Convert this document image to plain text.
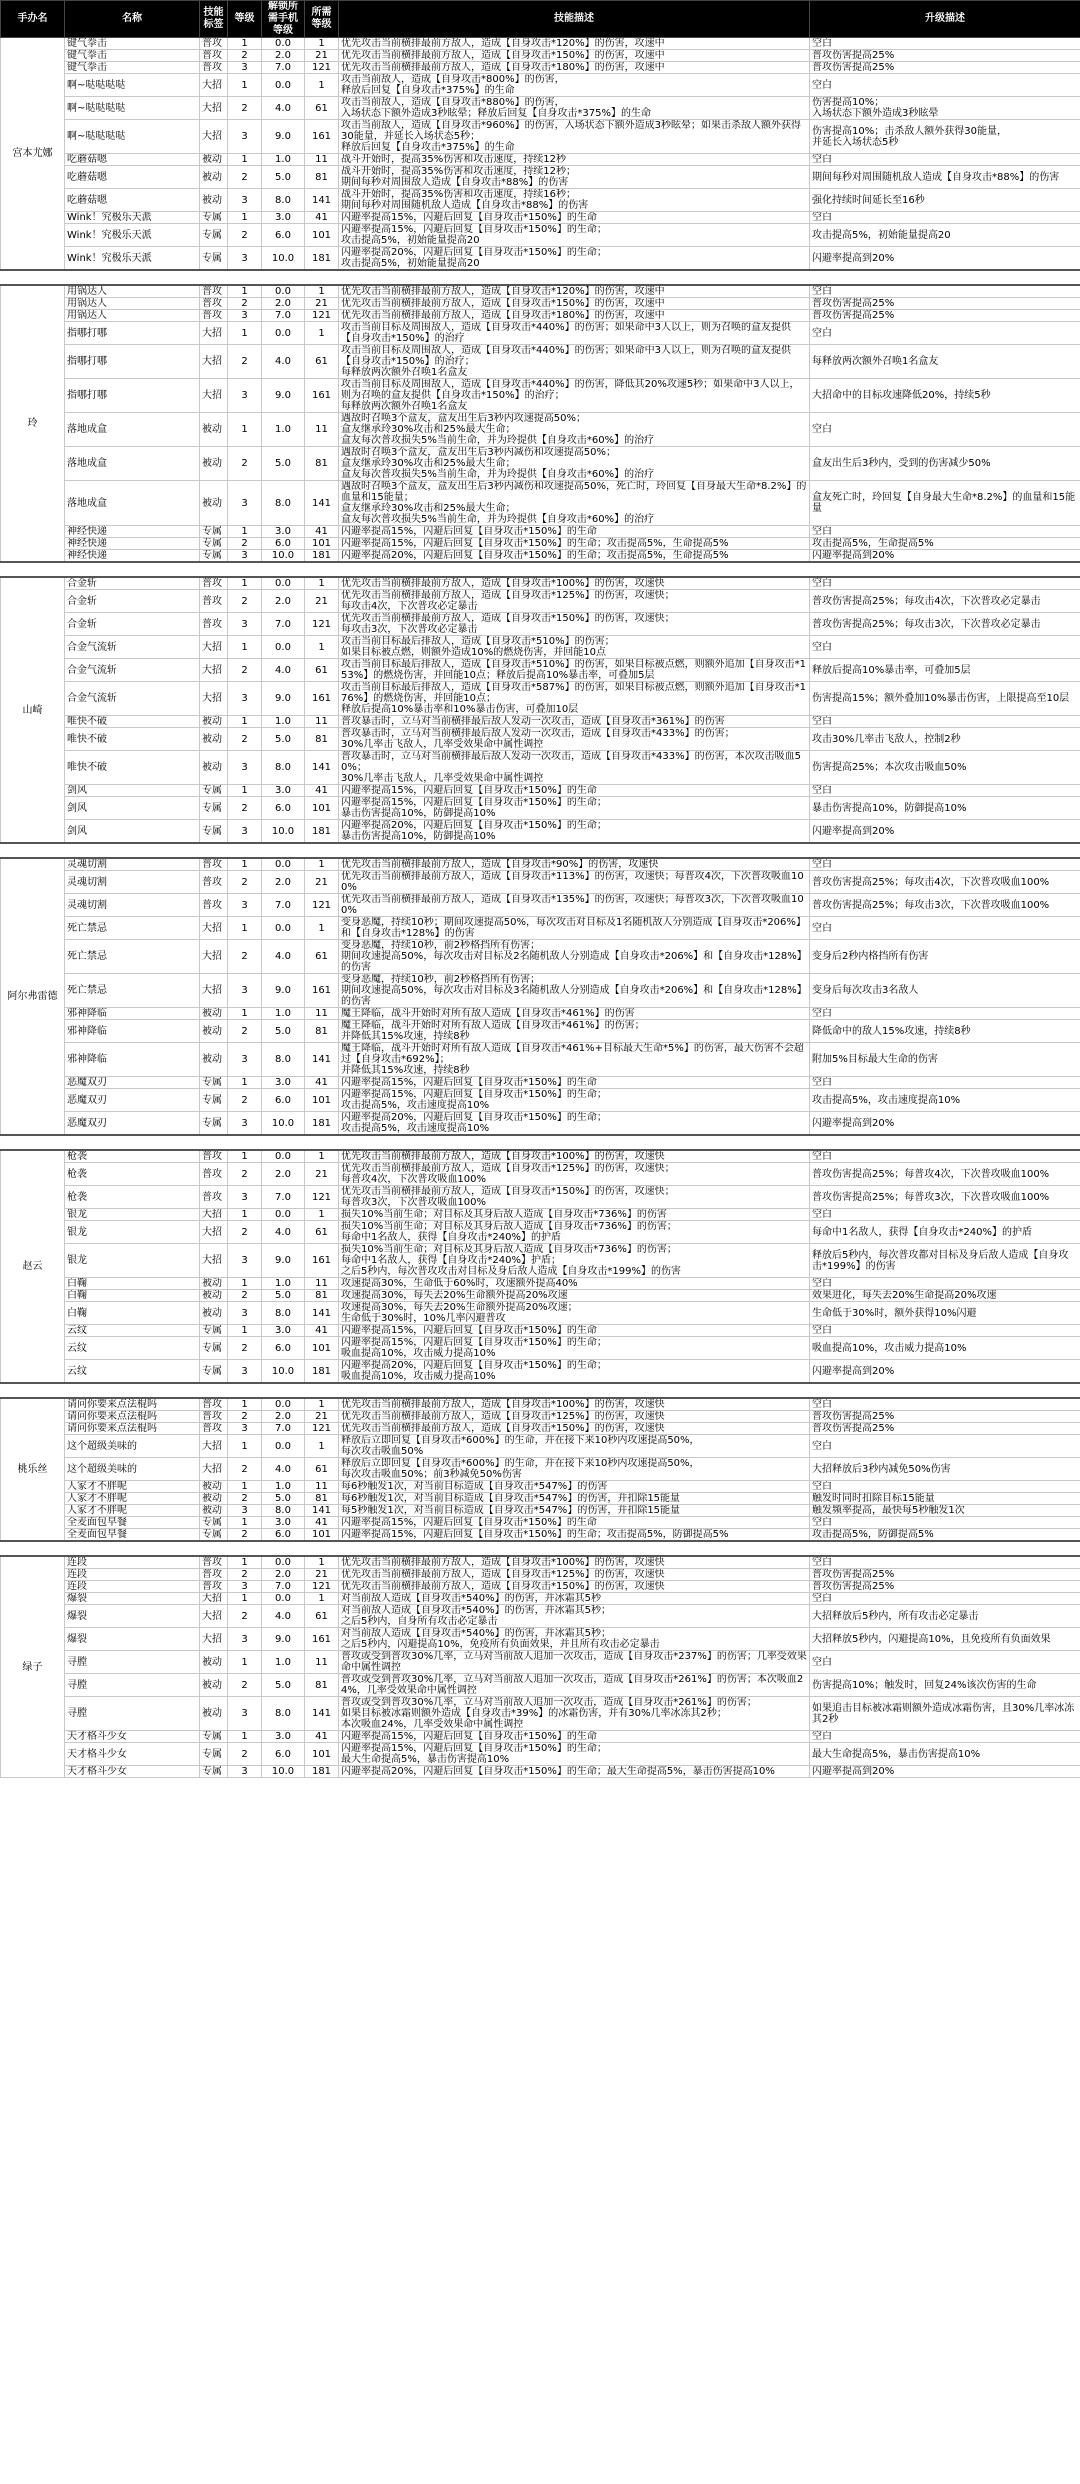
手办名	名称	技能标签	等级	解锁所需手机等级	所需等级	技能描述	升级描述
宫本尤娜	键气拳击	普攻	1	0.0	1	优先攻击当前横排最前方敌人，造成【自身攻击*120%】的伤害，攻速中	空白
	键气拳击	普攻	2	2.0	21	优先攻击当前横排最前方敌人，造成【自身攻击*150%】的伤害，攻速中	普攻伤害提高25%
	键气拳击	普攻	3	7.0	121	优先攻击当前横排最前方敌人，造成【自身攻击*180%】的伤害，攻速中	普攻伤害提高25%
	啊~哒哒哒哒	大招	1	0.0	1	攻击当前敌人，造成【自身攻击*800%】的伤害，
释放后回复【自身攻击*375%】的生命	空白
	啊~哒哒哒哒	大招	2	4.0	61	攻击当前敌人，造成【自身攻击*880%】的伤害，
入场状态下额外造成3秒眩晕；释放后回复【自身攻击*375%】的生命	伤害提高10%；
入场状态下额外造成3秒眩晕
	啊~哒哒哒哒	大招	3	9.0	161	攻击当前敌人，造成【自身攻击*960%】的伤害，入场状态下额外造成3秒眩晕；如果击杀敌人额外获得30能量，并延长入场状态5秒；
释放后回复【自身攻击*375%】的生命	伤害提高10%；击杀敌人额外获得30能量，
并延长入场状态5秒
	吃蘑菇嗯	被动	1	1.0	11	战斗开始时，提高35%伤害和攻击速度，持续12秒	空白
	吃蘑菇嗯	被动	2	5.0	81	战斗开始时，提高35%伤害和攻击速度，持续12秒；
期间每秒对周围敌人造成【自身攻击*88%】的伤害	期间每秒对周围随机敌人造成【自身攻击*88%】的伤害
	吃蘑菇嗯	被动	3	8.0	141	战斗开始时，提高35%伤害和攻击速度，持续16秒；
期间每秒对周围随机敌人造成【自身攻击*88%】的伤害	强化持续时间延长至16秒
	Wink！究极乐天派	专属	1	3.0	41	闪避率提高15%，闪避后回复【自身攻击*150%】的生命	空白
	Wink！究极乐天派	专属	2	6.0	101	闪避率提高15%，闪避后回复【自身攻击*150%】的生命；
攻击提高5%，初始能量提高20	攻击提高5%，初始能量提高20
	Wink！究极乐天派	专属	3	10.0	181	闪避率提高20%，闪避后回复【自身攻击*150%】的生命；
攻击提高5%，初始能量提高20	闪避率提高到20%

玲	用锅达人	普攻	1	0.0	1	优先攻击当前横排最前方敌人，造成【自身攻击*120%】的伤害，攻速中	空白
	用锅达人	普攻	2	2.0	21	优先攻击当前横排最前方敌人，造成【自身攻击*150%】的伤害，攻速中	普攻伤害提高25%
	用锅达人	普攻	3	7.0	121	优先攻击当前横排最前方敌人，造成【自身攻击*180%】的伤害，攻速中	普攻伤害提高25%
	指哪打哪	大招	1	0.0	1	攻击当前目标及周围敌人，造成【自身攻击*440%】的伤害；如果命中3人以上，则为召唤的盒友提供【自身攻击*150%】的治疗	空白
	指哪打哪	大招	2	4.0	61	攻击当前目标及周围敌人，造成【自身攻击*440%】的伤害；如果命中3人以上，则为召唤的盒友提供【自身攻击*150%】的治疗；
每释放两次额外召唤1名盒友	每释放两次额外召唤1名盒友
	指哪打哪	大招	3	9.0	161	攻击当前目标及周围敌人，造成【自身攻击*440%】的伤害，降低其20%攻速5秒；如果命中3人以上，则为召唤的盒友提供【自身攻击*150%】的治疗；
每释放两次额外召唤1名盒友	大招命中的目标攻速降低20%，持续5秒
	落地成盒	被动	1	1.0	11	遇敌时召唤3个盒友，盒友出生后3秒内攻速提高50%；
盒友继承玲30%攻击和25%最大生命；
盒友每次普攻损失5%当前生命，并为玲提供【自身攻击*60%】的治疗	空白
	落地成盒	被动	2	5.0	81	遇敌时召唤3个盒友，盒友出生后3秒内减伤和攻速提高50%；
盒友继承玲30%攻击和25%最大生命；
盒友每次普攻损失5%当前生命，并为玲提供【自身攻击*60%】的治疗	盒友出生后3秒内，受到的伤害减少50%
	落地成盒	被动	3	8.0	141	遇敌时召唤3个盒友，盒友出生后3秒内减伤和攻速提高50%，死亡时，玲回复【自身最大生命*8.2%】的血量和15能量；
盒友继承玲30%攻击和25%最大生命；
盒友每次普攻损失5%当前生命，并为玲提供【自身攻击*60%】的治疗	盒友死亡时，玲回复【自身最大生命*8.2%】的血量和15能量
	神经快递	专属	1	3.0	41	闪避率提高15%，闪避后回复【自身攻击*150%】的生命	空白
	神经快递	专属	2	6.0	101	闪避率提高15%，闪避后回复【自身攻击*150%】的生命；攻击提高5%，生命提高5%	攻击提高5%，生命提高5%
	神经快递	专属	3	10.0	181	闪避率提高20%，闪避后回复【自身攻击*150%】的生命；攻击提高5%，生命提高5%	闪避率提高到20%

山崎	合金斩	普攻	1	0.0	1	优先攻击当前横排最前方敌人，造成【自身攻击*100%】的伤害，攻速快	空白
	合金斩	普攻	2	2.0	21	优先攻击当前横排最前方敌人，造成【自身攻击*125%】的伤害，攻速快；
每攻击4次，下次普攻必定暴击	普攻伤害提高25%；每攻击4次，下次普攻必定暴击
	合金斩	普攻	3	7.0	121	优先攻击当前横排最前方敌人，造成【自身攻击*150%】的伤害，攻速快；
每攻击3次，下次普攻必定暴击	普攻伤害提高25%；每攻击3次，下次普攻必定暴击
	合金气流斩	大招	1	0.0	1	攻击当前目标最后排敌人，造成【自身攻击*510%】的伤害；
如果目标被点燃，则额外造成10%的燃烧伤害，并回能10点	空白
	合金气流斩	大招	2	4.0	61	攻击当前目标最后排敌人，造成【自身攻击*510%】的伤害，如果目标被点燃，则额外追加【自身攻击*153%】的燃烧伤害，并回能10点；释放后提高10%暴击率，可叠加5层	释放后提高10%暴击率，可叠加5层
	合金气流斩	大招	3	9.0	161	攻击当前目标最后排敌人，造成【自身攻击*587%】的伤害，如果目标被点燃，则额外追加【自身攻击*176%】的燃烧伤害，并回能10点；
释放后提高10%暴击率和10%暴击伤害，可叠加10层	伤害提高15%；额外叠加10%暴击伤害，上限提高至10层
	唯快不破	被动	1	1.0	11	普攻暴击时，立马对当前横排最后敌人发动一次攻击，造成【自身攻击*361%】的伤害	空白
	唯快不破	被动	2	5.0	81	普攻暴击时，立马对当前横排最后敌人发动一次攻击，造成【自身攻击*433%】的伤害；
30%几率击飞敌人，几率受效果命中属性调控	攻击30%几率击飞敌人，控制2秒
	唯快不破	被动	3	8.0	141	普攻暴击时，立马对当前横排最后敌人发动一次攻击，造成【自身攻击*433%】的伤害，本次攻击吸血50%；
30%几率击飞敌人，几率受效果命中属性调控	伤害提高25%；本次攻击吸血50%
	剑风	专属	1	3.0	41	闪避率提高15%，闪避后回复【自身攻击*150%】的生命	空白
	剑风	专属	2	6.0	101	闪避率提高15%，闪避后回复【自身攻击*150%】的生命；
暴击伤害提高10%，防御提高10%	暴击伤害提高10%，防御提高10%
	剑风	专属	3	10.0	181	闪避率提高20%，闪避后回复【自身攻击*150%】的生命；
暴击伤害提高10%，防御提高10%	闪避率提高到20%

阿尔弗雷德	灵魂切割	普攻	1	0.0	1	优先攻击当前横排最前方敌人，造成【自身攻击*90%】的伤害，攻速快	空白
	灵魂切割	普攻	2	2.0	21	优先攻击当前横排最前方敌人，造成【自身攻击*113%】的伤害，攻速快；每普攻4次，下次普攻吸血100%	普攻伤害提高25%；每攻击4次，下次普攻吸血100%
	灵魂切割	普攻	3	7.0	121	优先攻击当前横排最前方敌人，造成【自身攻击*135%】的伤害，攻速快；每普攻3次，下次普攻吸血100%	普攻伤害提高25%；每攻击3次，下次普攻吸血100%
	死亡禁忌	大招	1	0.0	1	变身恶魔，持续10秒；期间攻速提高50%，每次攻击对目标及1名随机敌人分别造成【自身攻击*206%】和【自身攻击*128%】的伤害	空白
	死亡禁忌	大招	2	4.0	61	变身恶魔，持续10秒，前2秒格挡所有伤害；
期间攻速提高50%，每次攻击对目标及2名随机敌人分别造成【自身攻击*206%】和【自身攻击*128%】的伤害	变身后2秒内格挡所有伤害
	死亡禁忌	大招	3	9.0	161	变身恶魔，持续10秒，前2秒格挡所有伤害；
期间攻速提高50%，每次攻击对目标及3名随机敌人分别造成【自身攻击*206%】和【自身攻击*128%】的伤害	变身后每次攻击3名敌人
	邪神降临	被动	1	1.0	11	魔王降临，战斗开始时对所有敌人造成【自身攻击*461%】的伤害	空白
	邪神降临	被动	2	5.0	81	魔王降临，战斗开始时对所有敌人造成【自身攻击*461%】的伤害；
并降低其15%攻速，持续8秒	降低命中的敌人15%攻速，持续8秒
	邪神降临	被动	3	8.0	141	魔王降临，战斗开始时对所有敌人造成【自身攻击*461%+目标最大生命*5%】的伤害，最大伤害不会超过【自身攻击*692%】；
并降低其15%攻速，持续8秒	附加5%目标最大生命的伤害
	恶魔双刃	专属	1	3.0	41	闪避率提高15%，闪避后回复【自身攻击*150%】的生命	空白
	恶魔双刃	专属	2	6.0	101	闪避率提高15%，闪避后回复【自身攻击*150%】的生命；
攻击提高5%，攻击速度提高10%	攻击提高5%，攻击速度提高10%
	恶魔双刃	专属	3	10.0	181	闪避率提高20%，闪避后回复【自身攻击*150%】的生命；
攻击提高5%，攻击速度提高10%	闪避率提高到20%

赵云	枪袭	普攻	1	0.0	1	优先攻击当前横排最前方敌人，造成【自身攻击*100%】的伤害，攻速快	空白
	枪袭	普攻	2	2.0	21	优先攻击当前横排最前方敌人，造成【自身攻击*125%】的伤害，攻速快；
每普攻4次，下次普攻吸血100%	普攻伤害提高25%；每普攻4次，下次普攻吸血100%
	枪袭	普攻	3	7.0	121	优先攻击当前横排最前方敌人，造成【自身攻击*150%】的伤害，攻速快；
每普攻3次，下次普攻吸血100%	普攻伤害提高25%；每普攻3次，下次普攻吸血100%
	银龙	大招	1	0.0	1	损失10%当前生命；对目标及其身后敌人造成【自身攻击*736%】的伤害	空白
	银龙	大招	2	4.0	61	损失10%当前生命；对目标及其身后敌人造成【自身攻击*736%】的伤害；
每命中1名敌人，获得【自身攻击*240%】的护盾	每命中1名敌人，获得【自身攻击*240%】的护盾
	银龙	大招	3	9.0	161	损失10%当前生命；对目标及其身后敌人造成【自身攻击*736%】的伤害；
每命中1名敌人，获得【自身攻击*240%】护盾；
之后5秒内，每次普攻攻击对目标及身后敌人造成【自身攻击*199%】的伤害	释放后5秒内，每次普攻都对目标及身后敌人造成【自身攻击*199%】的伤害
	白鞠	被动	1	1.0	11	攻速提高30%，生命低于60%时，攻速额外提高40%	空白
	白鞠	被动	2	5.0	81	攻速提高30%，每失去20%生命额外提高20%攻速	效果进化，每失去20%生命提高20%攻速
	白鞠	被动	3	8.0	141	攻速提高30%，每失去20%生命额外提高20%攻速；
生命低于30%时，10%几率闪避普攻	生命低于30%时，额外获得10%闪避
	云纹	专属	1	3.0	41	闪避率提高15%，闪避后回复【自身攻击*150%】的生命	空白
	云纹	专属	2	6.0	101	闪避率提高15%，闪避后回复【自身攻击*150%】的生命；
吸血提高10%，攻击威力提高10%	吸血提高10%，攻击威力提高10%
	云纹	专属	3	10.0	181	闪避率提高20%，闪避后回复【自身攻击*150%】的生命；
吸血提高10%，攻击威力提高10%	闪避率提高到20%

桃乐丝	请问你要来点法棍吗	普攻	1	0.0	1	优先攻击当前横排最前方敌人，造成【自身攻击*100%】的伤害，攻速快	空白
	请问你要来点法棍吗	普攻	2	2.0	21	优先攻击当前横排最前方敌人，造成【自身攻击*125%】的伤害，攻速快	普攻伤害提高25%
	请问你要来点法棍吗	普攻	3	7.0	121	优先攻击当前横排最前方敌人，造成【自身攻击*150%】的伤害，攻速快	普攻伤害提高25%
	这个超级美味的	大招	1	0.0	1	释放后立即回复【自身攻击*600%】的生命，并在接下来10秒内攻速提高50%，
每次攻击吸血50%	空白
	这个超级美味的	大招	2	4.0	61	释放后立即回复【自身攻击*600%】的生命，并在接下来10秒内攻速提高50%，
每次攻击吸血50%；前3秒减免50%伤害	大招释放后3秒内减免50%伤害
	人家才不胖呢	被动	1	1.0	11	每6秒触发1次，对当前目标造成【自身攻击*547%】的伤害	空白
	人家才不胖呢	被动	2	5.0	81	每6秒触发1次，对当前目标造成【自身攻击*547%】的伤害，并扣除15能量	触发时同时扣除目标15能量
	人家才不胖呢	被动	3	8.0	141	每5秒触发1次，对当前目标造成【自身攻击*547%】的伤害，并扣除15能量	触发频率提高，最快每5秒触发1次
	全麦面包早餐	专属	1	3.0	41	闪避率提高15%，闪避后回复【自身攻击*150%】的生命	空白
	全麦面包早餐	专属	2	6.0	101	闪避率提高15%，闪避后回复【自身攻击*150%】的生命；攻击提高5%，防御提高5%	攻击提高5%，防御提高5%

绿子	连段	普攻	1	0.0	1	优先攻击当前横排最前方敌人，造成【自身攻击*100%】的伤害，攻速快	空白
	连段	普攻	2	2.0	21	优先攻击当前横排最前方敌人，造成【自身攻击*125%】的伤害，攻速快	普攻伤害提高25%
	连段	普攻	3	7.0	121	优先攻击当前横排最前方敌人，造成【自身攻击*150%】的伤害，攻速快	普攻伤害提高25%
	爆裂	大招	1	0.0	1	对当前敌人造成【自身攻击*540%】的伤害，并冰霜其5秒	空白
	爆裂	大招	2	4.0	61	对当前敌人造成【自身攻击*540%】的伤害，并冰霜其5秒；
之后5秒内，自身所有攻击必定暴击	大招释放后5秒内，所有攻击必定暴击
	爆裂	大招	3	9.0	161	对当前敌人造成【自身攻击*540%】的伤害，并冰霜其5秒；
之后5秒内，闪避提高10%，免疫所有负面效果，并且所有攻击必定暴击	大招释放5秒内，闪避提高10%，且免疫所有负面效果
	寻膛	被动	1	1.0	11	普攻或受到普攻30%几率，立马对当前敌人追加一次攻击，造成【自身攻击*237%】的伤害；几率受效果命中属性调控	空白
	寻膛	被动	2	5.0	81	普攻或受到普攻30%几率，立马对当前敌人追加一次攻击，造成【自身攻击*261%】的伤害；本次吸血24%，几率受效果命中属性调控	伤害提高10%；触发时，回复24%该次伤害的生命
	寻膛	被动	3	8.0	141	普攻或受到普攻30%几率，立马对当前敌人追加一次攻击，造成【自身攻击*261%】的伤害；
如果目标被冰霜则额外造成【自身攻击*39%】的冰霜伤害，并有30%几率冰冻其2秒；
本次吸血24%，几率受效果命中属性调控	如果追击目标被冰霜则额外造成冰霜伤害，且30%几率冰冻其2秒
	天才格斗少女	专属	1	3.0	41	闪避率提高15%，闪避后回复【自身攻击*150%】的生命	空白
	天才格斗少女	专属	2	6.0	101	闪避率提高15%，闪避后回复【自身攻击*150%】的生命；
最大生命提高5%，暴击伤害提高10%	最大生命提高5%，暴击伤害提高10%
	天才格斗少女	专属	3	10.0	181	闪避率提高20%，闪避后回复【自身攻击*150%】的生命；最大生命提高5%，暴击伤害提高10%	闪避率提高到20%
